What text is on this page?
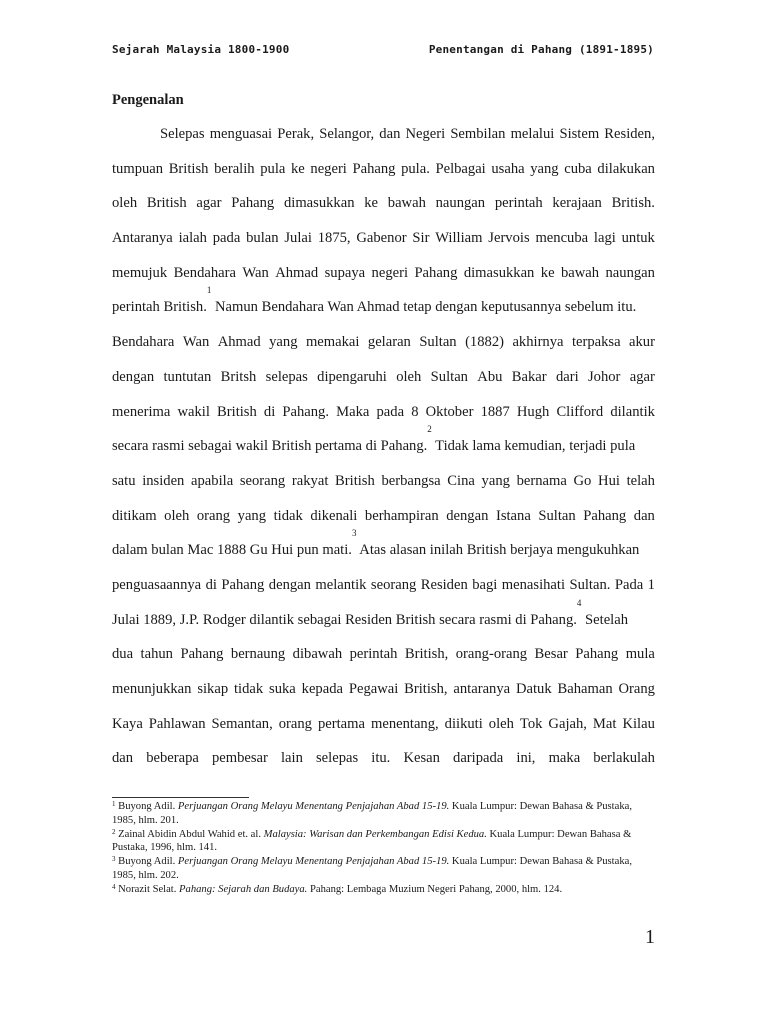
Sejarah Malaysia 1800-1900	Penentangan di Pahang (1891-1895)
Pengenalan
Selepas menguasai Perak, Selangor, dan Negeri Sembilan melalui Sistem Residen,
tumpuan British beralih pula ke negeri Pahang pula. Pelbagai usaha yang cuba dilakukan
oleh British agar Pahang dimasukkan ke bawah naungan perintah kerajaan British.
Antaranya ialah pada bulan Julai 1875, Gabenor Sir William Jervois mencuba lagi untuk
memujuk Bendahara Wan Ahmad supaya negeri Pahang dimasukkan ke bawah naungan
perintah British.
1
Namun Bendahara Wan Ahmad tetap dengan keputusannya sebelum itu.
Bendahara Wan Ahmad yang memakai gelaran Sultan (1882) akhirnya terpaksa akur
dengan tuntutan Britsh selepas dipengaruhi oleh Sultan Abu Bakar dari Johor agar
menerima wakil British di Pahang. Maka pada 8 Oktober 1887 Hugh Clifford dilantik
secara rasmi sebagai wakil British pertama di Pahang.
2
Tidak lama kemudian, terjadi pula
satu insiden apabila seorang rakyat British berbangsa Cina yang bernama Go Hui telah
ditikam oleh orang yang tidak dikenali berhampiran dengan Istana Sultan Pahang dan
dalam bulan Mac 1888 Gu Hui pun mati.
3
Atas alasan inilah British berjaya mengukuhkan
penguasaannya di Pahang dengan melantik seorang Residen bagi menasihati Sultan. Pada 1
Julai 1889, J.P. Rodger dilantik sebagai Residen British secara rasmi di Pahang.
4
Setelah
dua tahun Pahang bernaung dibawah perintah British, orang-orang Besar Pahang mula
menunjukkan sikap tidak suka kepada Pegawai British, antaranya Datuk Bahaman Orang
Kaya Pahlawan Semantan, orang pertama menentang, diikuti oleh Tok Gajah, Mat Kilau
dan beberapa pembesar lain selepas itu. Kesan daripada ini, maka berlakulah

$^1$ Buyong Adil. Perjuangan Orang Melayu Menentang Penjajahan Abad 15-19. Kuala Lumpur: Dewan Bahasa & Pustaka, 1985, hlm. 201.

$^2$ Zainal Abidin Abdul Wahid et. al. Malaysia: Warisan dan Perkembangan Edisi Kedua. Kuala Lumpur: Dewan Bahasa & Pustaka, 1996, hlm. 141.

$^3$ Buyong Adil. Perjuangan Orang Melayu Menentang Penjajahan Abad 15-19. Kuala Lumpur: Dewan Bahasa & Pustaka, 1985, hlm. 202.

$^4$ Norazit Selat. Pahang: Sejarah dan Budaya. Pahang: Lembaga Muzium Negeri Pahang, 2000, hlm. 124.

1
